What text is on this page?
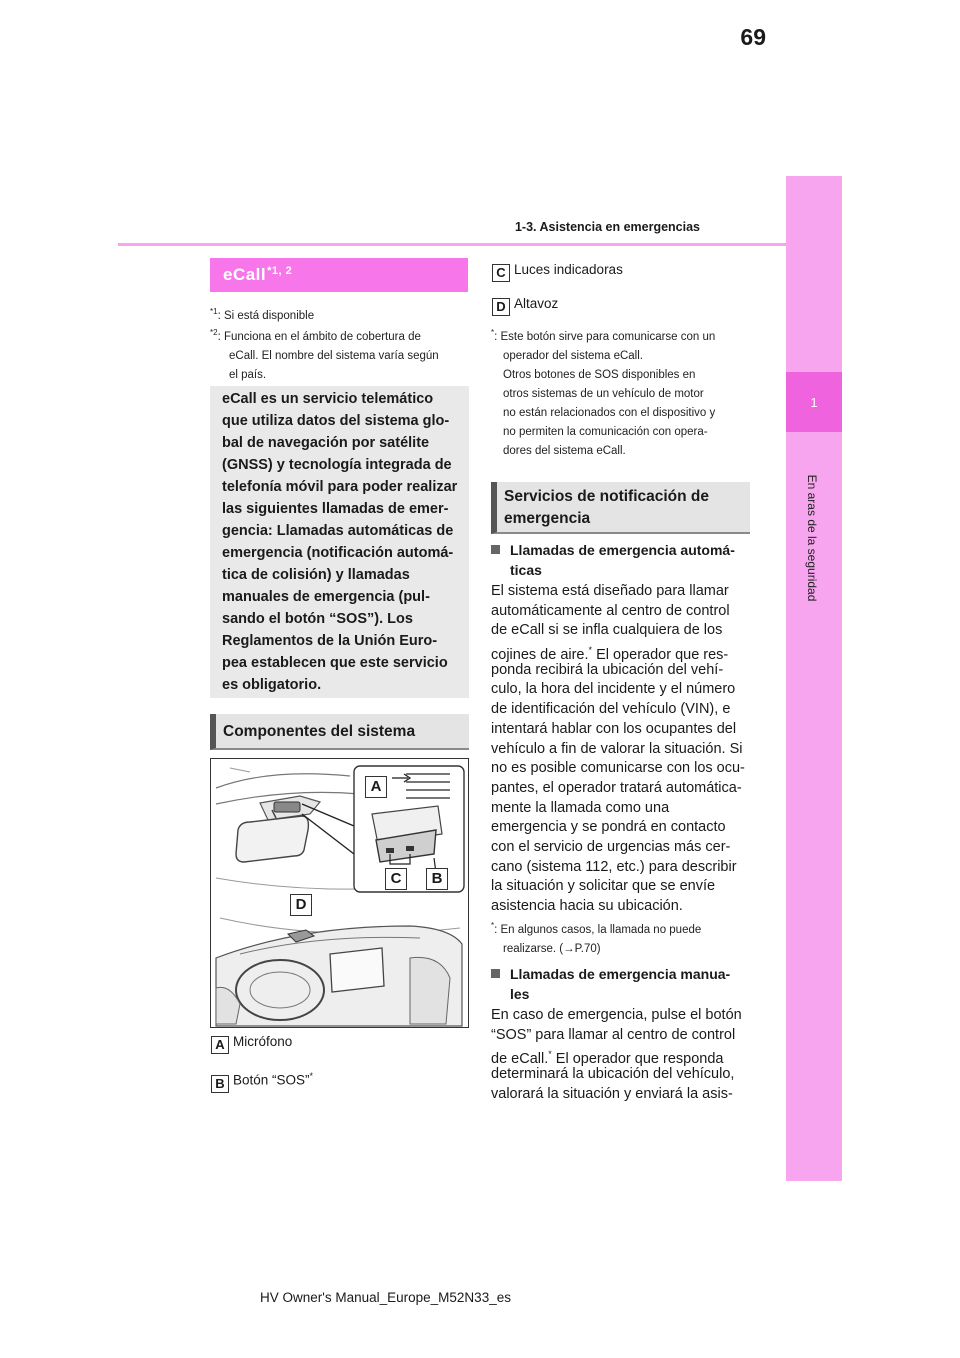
69
1-3. Asistencia en emergencias
1
En aras de la seguridad
eCall$^{*1, 2}$
$^{*1}$: Si está disponible
$^{*2}$: Funciona en el ámbito de cobertura de
eCall. El nombre del sistema varía según
el país.
eCall es un servicio telemático
que utiliza datos del sistema glo-
bal de navegación por satélite
(GNSS) y tecnología integrada de
telefonía móvil para poder realizar
las siguientes llamadas de emer-
gencia: Llamadas automáticas de
emergencia (notificación automá-
tica de colisión) y llamadas
manuales de emergencia (pul-
sando el botón “SOS”). Los
Reglamentos de la Unión Euro-
pea establecen que este servicio
es obligatorio.
Componentes del sistema
A
C	B
D
A Micrófono
B Botón “SOS”*
C Luces indicadoras
D Altavoz
*: Este botón sirve para comunicarse con un
operador del sistema eCall.
Otros botones de SOS disponibles en
otros sistemas de un vehículo de motor
no están relacionados con el dispositivo y
no permiten la comunicación con opera-
dores del sistema eCall.
Servicios de notificación de
emergencia
Llamadas de emergencia automá-
ticas
El sistema está diseñado para llamar
automáticamente al centro de control
de eCall si se infla cualquiera de los
cojines de aire.* El operador que res-
ponda recibirá la ubicación del vehí-
culo, la hora del incidente y el número
de identificación del vehículo (VIN), e
intentará hablar con los ocupantes del
vehículo a fin de valorar la situación. Si
no es posible comunicarse con los ocu-
pantes, el operador tratará automática-
mente la llamada como una
emergencia y se pondrá en contacto
con el servicio de urgencias más cer-
cano (sistema 112, etc.) para describir
la situación y solicitar que se envíe
asistencia hacia su ubicación.
*: En algunos casos, la llamada no puede
realizarse. (→P.70)
Llamadas de emergencia manua-
les
En caso de emergencia, pulse el botón
“SOS” para llamar al centro de control
de eCall.* El operador que responda
determinará la ubicación del vehículo,
valorará la situación y enviará la asis-
HV Owner's Manual_Europe_M52N33_es
